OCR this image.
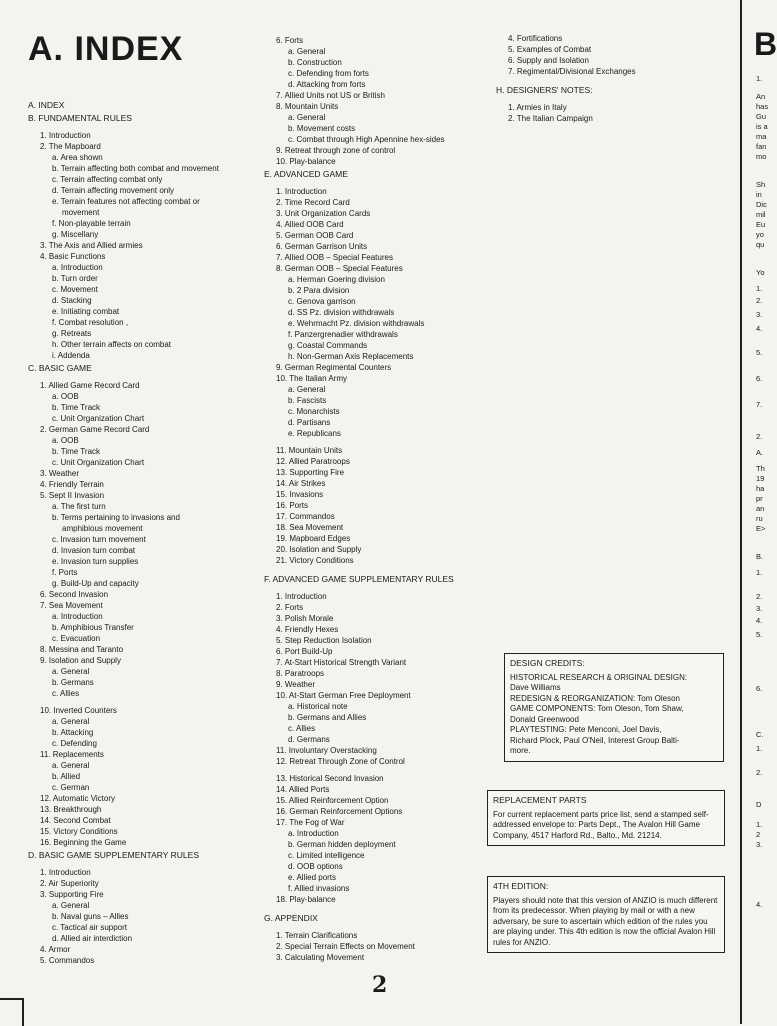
A. INDEX
A. INDEX
B. FUNDAMENTAL RULES
1. Introduction
2. The Mapboard
a. Area shown
b. Terrain affecting both combat and movement
c. Terrain affecting combat only
d. Terrain affecting movement only
e. Terrain features not affecting combat or
movement
f. Non-playable terrain
g. Miscellany
3. The Axis and Allied armies
4. Basic Functions
a. Introduction
b. Turn order
c. Movement
d. Stacking
e. Initiating combat
f. Combat resolution ,
g. Retreats
h. Other terrain affects on combat
i. Addenda
C. BASIC GAME
1. Allied Game Record Card
a. OOB
b. Time Track
c. Unit Organization Chart
2. German Game Record Card
a. OOB
b. Time Track
c. Unit Organization Chart
3. Weather
4. Friendly Terrain
5. Sept II Invasion
a. The first turn
b. Terms pertaining to invasions and
amphibious movement
c. Invasion turn movement
d. Invasion turn combat
e. Invasion turn supplies
f. Ports
g. Build-Up and capacity
6. Second Invasion
7. Sea Movement
a. Introduction
b. Amphibious Transfer
c. Evacuation
8. Messina and Taranto
9. Isolation and Supply
a. General
b. Germans
c. Allies
10. Inverted Counters
a. General
b. Attacking
c. Defending
11. Replacements
a. General
b. Allied
c. German
12. Automatic Victory
13. Breakthrough
14. Second Combat
15. Victory Conditions
16. Beginning the Game
D. BASIC GAME SUPPLEMENTARY RULES
1. Introduction
2. Air Superiority
3. Supporting Fire
a. General
b. Naval guns – Allies
c. Tactical air support
d. Allied air interdiction
4. Armor
5. Commandos
6. Forts
a. General
b. Construction
c. Defending from forts
d. Attacking from forts
7. Allied Units not US or British
8. Mountain Units
a. General
b. Movement costs
c. Combat through High Apennine hex-sides
9. Retreat through zone of control
10. Play-balance
E. ADVANCED GAME
1. Introduction
2. Time Record Card
3. Unit Organization Cards
4. Allied OOB Card
5. German OOB Card
6. German Garrison Units
7. Allied OOB – Special Features
8. German OOB – Special Features
a. Herman Goering division
b. 2 Para division
c. Genova garrison
d. SS Pz. division withdrawals
e. Wehrmacht Pz. division withdrawals
f. Panzergrenadier withdrawals
g. Coastal Commands
h. Non-German Axis Replacements
9. German Regimental Counters
10. The Italian Army
a. General
b. Fascists
c. Monarchists
d. Partisans
e. Republicans
11. Mountain Units
12. Allied Paratroops
13. Supporting Fire
14. Air Strikes
15. Invasions
16. Ports
17. Commandos
18. Sea Movement
19. Mapboard Edges
20. Isolation and Supply
21. Victory Conditions
F. ADVANCED GAME SUPPLEMENTARY RULES
1. Introduction
2. Forts
3. Polish Morale
4. Friendly Hexes
5. Step Reduction Isolation
6. Port Build-Up
7. At-Start Historical Strength Variant
8. Paratroops
9. Weather
10. At-Start German Free Deployment
a. Historical note
b. Germans and Allies
c. Allies
d. Germans
11. Involuntary Overstacking
12. Retreat Through Zone of Control
13. Historical Second Invasion
14. Allied Ports
15. Allied Reinforcement Option
16. German Reinforcement Options
17. The Fog of War
a. Introduction
b. German hidden deployment
c. Limited intelligence
d. OOB options
e. Allied ports
f. Allied invasions
18. Play-balance
G. APPENDIX
1. Terrain Clarifications
2. Special Terrain Effects on Movement
3. Calculating Movement
4. Fortifications
5. Examples of Combat
6. Supply and Isolation
7. Regimental/Divisional Exchanges
H. DESIGNERS' NOTES:
1. Armies in Italy
2. The Italian Campaign
DESIGN CREDITS:

HISTORICAL RESEARCH & ORIGINAL DESIGN:
Dave Williams
REDESIGN & REORGANIZATION: Tom Oleson
GAME COMPONENTS: Tom Oleson, Tom Shaw,
Donald Greenwood
PLAYTESTING: Pete Menconi, Joel Davis,
Richard Plock, Paul O'Neil, Interest Group Balti-
more.

REPLACEMENT PARTS

For current replacement parts price list, send a stamped self-addressed envelope to: Parts Dept., The Avalon Hill Game Company, 4517 Harford Rd., Balto., Md. 21214.

4TH EDITION:

Players should note that this version of ANZIO is much different from its predecessor. When playing by mail or with a new adversary, be sure to ascertain which edition of the rules you are playing under. This 4th edition is now the official Avalon Hill rules for ANZIO.

2
B
1.
An
has
Gu
is a
ma
fan
mo
Sh
in
Dic
mil
Eu
yo
qu
Yo
1.
2.
3.
4.
5.
6.
7.
2.
A.
Th
19
ha
pr
an
ru
E>
B.
1.
2.
3.
4.
5.
6.
C.
1.
2.
D
1.
2
3.
4.
